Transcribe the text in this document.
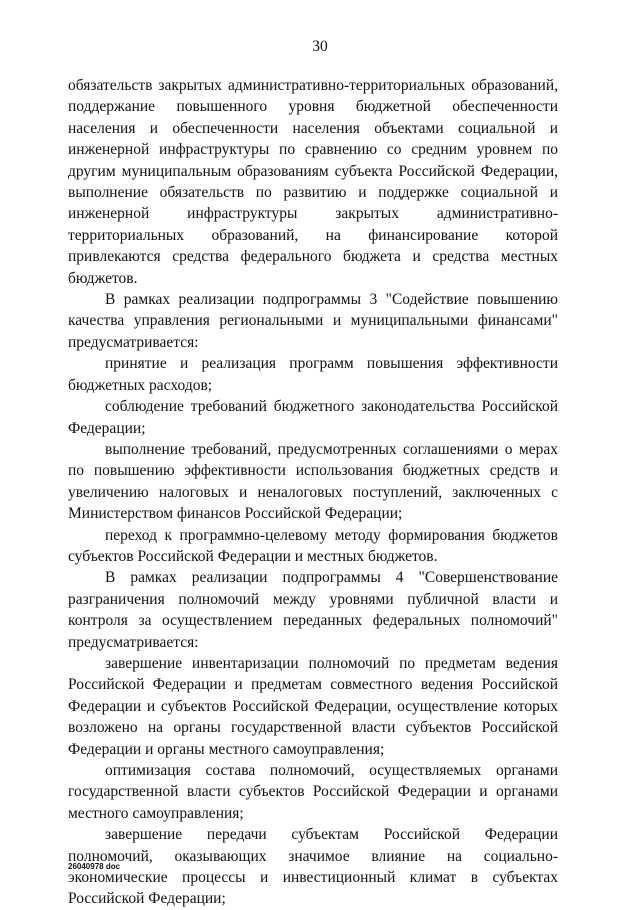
30

обязательств закрытых административно-территориальных образований, поддержание повышенного уровня бюджетной обеспеченности населения и обеспеченности населения объектами социальной и инженерной инфраструктуры по сравнению со средним уровнем по другим муниципальным образованиям субъекта Российской Федерации, выполнение обязательств по развитию и поддержке социальной и инженерной инфраструктуры закрытых административно-территориальных образований, на финансирование которой привлекаются средства федерального бюджета и средства местных бюджетов.

В рамках реализации подпрограммы 3 "Содействие повышению качества управления региональными и муниципальными финансами" предусматривается:

принятие и реализация программ повышения эффективности бюджетных расходов;

соблюдение требований бюджетного законодательства Российской Федерации;

выполнение требований, предусмотренных соглашениями о мерах по повышению эффективности использования бюджетных средств и увеличению налоговых и неналоговых поступлений, заключенных с Министерством финансов Российской Федерации;

переход к программно-целевому методу формирования бюджетов субъектов Российской Федерации и местных бюджетов.

В рамках реализации подпрограммы 4 "Совершенствование разграничения полномочий между уровнями публичной власти и контроля за осуществлением переданных федеральных полномочий" предусматривается:

завершение инвентаризации полномочий по предметам ведения Российской Федерации и предметам совместного ведения Российской Федерации и субъектов Российской Федерации, осуществление которых возложено на органы государственной власти субъектов Российской Федерации и органы местного самоуправления;

оптимизация состава полномочий, осуществляемых органами государственной власти субъектов Российской Федерации и органами местного самоуправления;

завершение передачи субъектам Российской Федерации полномочий, оказывающих значимое влияние на социально-экономические процессы и инвестиционный климат в субъектах Российской Федерации;

26040978 doc
